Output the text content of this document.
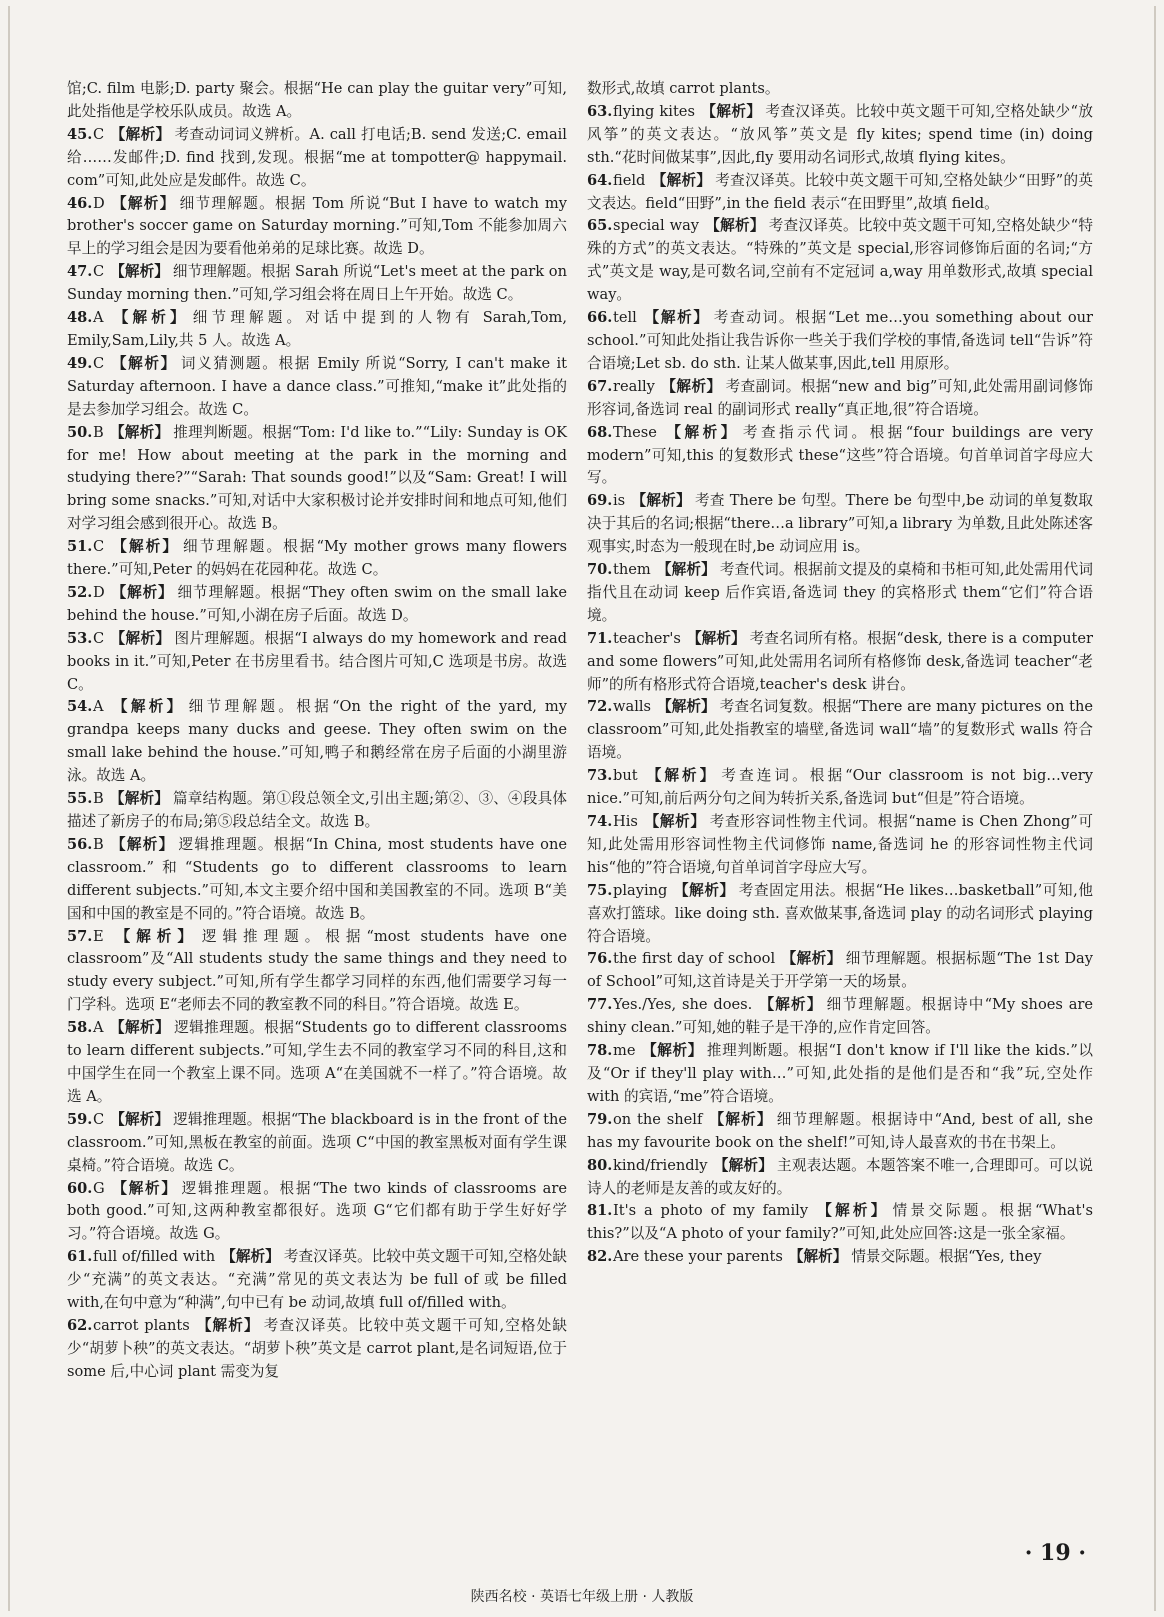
馆;C. film 电影;D. party 聚会。根据“He can play the guitar very”可知,此处指他是学校乐队成员。故选 A。

45.C 【解析】 考查动词词义辨析。A. call 打电话;B. send 发送;C. email 给……发邮件;D. find 找到,发现。根据“me at tompotter@ happymail. com”可知,此处应是发邮件。故选 C。

46.D 【解析】 细节理解题。根据 Tom 所说“But I have to watch my brother's soccer game on Saturday morning.”可知,Tom 不能参加周六早上的学习组会是因为要看他弟弟的足球比赛。故选 D。

47.C 【解析】 细节理解题。根据 Sarah 所说“Let's meet at the park on Sunday morning then.”可知,学习组会将在周日上午开始。故选 C。

48.A 【解析】 细节理解题。对话中提到的人物有 Sarah,Tom, Emily,Sam,Lily,共 5 人。故选 A。

49.C 【解析】 词义猜测题。根据 Emily 所说“Sorry, I can't make it Saturday afternoon. I have a dance class.”可推知,“make it”此处指的是去参加学习组会。故选 C。

50.B 【解析】 推理判断题。根据“Tom: I'd like to.”“Lily: Sunday is OK for me! How about meeting at the park in the morning and studying there?”“Sarah: That sounds good!”以及“Sam: Great! I will bring some snacks.”可知,对话中大家积极讨论并安排时间和地点可知,他们对学习组会感到很开心。故选 B。

51.C 【解析】 细节理解题。根据“My mother grows many flowers there.”可知,Peter 的妈妈在花园种花。故选 C。

52.D 【解析】 细节理解题。根据“They often swim on the small lake behind the house.”可知,小湖在房子后面。故选 D。

53.C 【解析】 图片理解题。根据“I always do my homework and read books in it.”可知,Peter 在书房里看书。结合图片可知,C 选项是书房。故选 C。

54.A 【解析】 细节理解题。根据“On the right of the yard, my grandpa keeps many ducks and geese. They often swim on the small lake behind the house.”可知,鸭子和鹅经常在房子后面的小湖里游泳。故选 A。

55.B 【解析】 篇章结构题。第①段总领全文,引出主题;第②、③、④段具体描述了新房子的布局;第⑤段总结全文。故选 B。

56.B 【解析】 逻辑推理题。根据“In China, most students have one classroom.”和“Students go to different classrooms to learn different subjects.”可知,本文主要介绍中国和美国教室的不同。选项 B“美国和中国的教室是不同的。”符合语境。故选 B。

57.E 【解析】 逻辑推理题。根据“most students have one classroom”及“All students study the same things and they need to study every subject.”可知,所有学生都学习同样的东西,他们需要学习每一门学科。选项 E“老师去不同的教室教不同的科目。”符合语境。故选 E。

58.A 【解析】 逻辑推理题。根据“Students go to different classrooms to learn different subjects.”可知,学生去不同的教室学习不同的科目,这和中国学生在同一个教室上课不同。选项 A“在美国就不一样了。”符合语境。故选 A。

59.C 【解析】 逻辑推理题。根据“The blackboard is in the front of the classroom.”可知,黑板在教室的前面。选项 C“中国的教室黑板对面有学生课桌椅。”符合语境。故选 C。

60.G 【解析】 逻辑推理题。根据“The two kinds of classrooms are both good.”可知,这两种教室都很好。选项 G“它们都有助于学生好好学习。”符合语境。故选 G。

61.full of/filled with 【解析】 考查汉译英。比较中英文题干可知,空格处缺少“充满”的英文表达。“充满”常见的英文表达为 be full of 或 be filled with,在句中意为“种满”,句中已有 be 动词,故填 full of/filled with。

62.carrot plants 【解析】 考查汉译英。比较中英文题干可知,空格处缺少“胡萝卜秧”的英文表达。“胡萝卜秧”英文是 carrot plant,是名词短语,位于 some 后,中心词 plant 需变为复

数形式,故填 carrot plants。

63.flying kites 【解析】 考查汉译英。比较中英文题干可知,空格处缺少“放风筝”的英文表达。“放风筝”英文是 fly kites; spend time (in) doing sth.“花时间做某事”,因此,fly 要用动名词形式,故填 flying kites。

64.field 【解析】 考查汉译英。比较中英文题干可知,空格处缺少“田野”的英文表达。field“田野”,in the field 表示“在田野里”,故填 field。

65.special way 【解析】 考查汉译英。比较中英文题干可知,空格处缺少“特殊的方式”的英文表达。“特殊的”英文是 special,形容词修饰后面的名词;“方式”英文是 way,是可数名词,空前有不定冠词 a,way 用单数形式,故填 special way。

66.tell 【解析】 考查动词。根据“Let me…you something about our school.”可知此处指让我告诉你一些关于我们学校的事情,备选词 tell“告诉”符合语境;Let sb. do sth. 让某人做某事,因此,tell 用原形。

67.really 【解析】 考查副词。根据“new and big”可知,此处需用副词修饰形容词,备选词 real 的副词形式 really“真正地,很”符合语境。

68.These 【解析】 考查指示代词。根据“four buildings are very modern”可知,this 的复数形式 these“这些”符合语境。句首单词首字母应大写。

69.is 【解析】 考查 There be 句型。There be 句型中,be 动词的单复数取决于其后的名词;根据“there…a library”可知,a library 为单数,且此处陈述客观事实,时态为一般现在时,be 动词应用 is。

70.them 【解析】 考查代词。根据前文提及的桌椅和书柜可知,此处需用代词指代且在动词 keep 后作宾语,备选词 they 的宾格形式 them“它们”符合语境。

71.teacher's 【解析】 考查名词所有格。根据“desk, there is a computer and some flowers”可知,此处需用名词所有格修饰 desk,备选词 teacher“老师”的所有格形式符合语境,teacher's desk 讲台。

72.walls 【解析】 考查名词复数。根据“There are many pictures on the classroom”可知,此处指教室的墙壁,备选词 wall“墙”的复数形式 walls 符合语境。

73.but 【解析】 考查连词。根据“Our classroom is not big…very nice.”可知,前后两分句之间为转折关系,备选词 but“但是”符合语境。

74.His 【解析】 考查形容词性物主代词。根据“name is Chen Zhong”可知,此处需用形容词性物主代词修饰 name,备选词 he 的形容词性物主代词 his“他的”符合语境,句首单词首字母应大写。

75.playing 【解析】 考查固定用法。根据“He likes…basketball”可知,他喜欢打篮球。like doing sth. 喜欢做某事,备选词 play 的动名词形式 playing 符合语境。

76.the first day of school 【解析】 细节理解题。根据标题“The 1st Day of School”可知,这首诗是关于开学第一天的场景。

77.Yes./Yes, she does. 【解析】 细节理解题。根据诗中“My shoes are shiny clean.”可知,她的鞋子是干净的,应作肯定回答。

78.me 【解析】 推理判断题。根据“I don't know if I'll like the kids.”以及“Or if they'll play with…”可知,此处指的是他们是否和“我”玩,空处作 with 的宾语,“me”符合语境。

79.on the shelf 【解析】 细节理解题。根据诗中“And, best of all, she has my favourite book on the shelf!”可知,诗人最喜欢的书在书架上。

80.kind/friendly 【解析】 主观表达题。本题答案不唯一,合理即可。可以说诗人的老师是友善的或友好的。

81.It's a photo of my family 【解析】 情景交际题。根据“What's this?”以及“A photo of your family?”可知,此处应回答:这是一张全家福。

82.Are these your parents 【解析】 情景交际题。根据“Yes, they

· 19 ·
陕西名校 · 英语七年级上册 · 人教版
